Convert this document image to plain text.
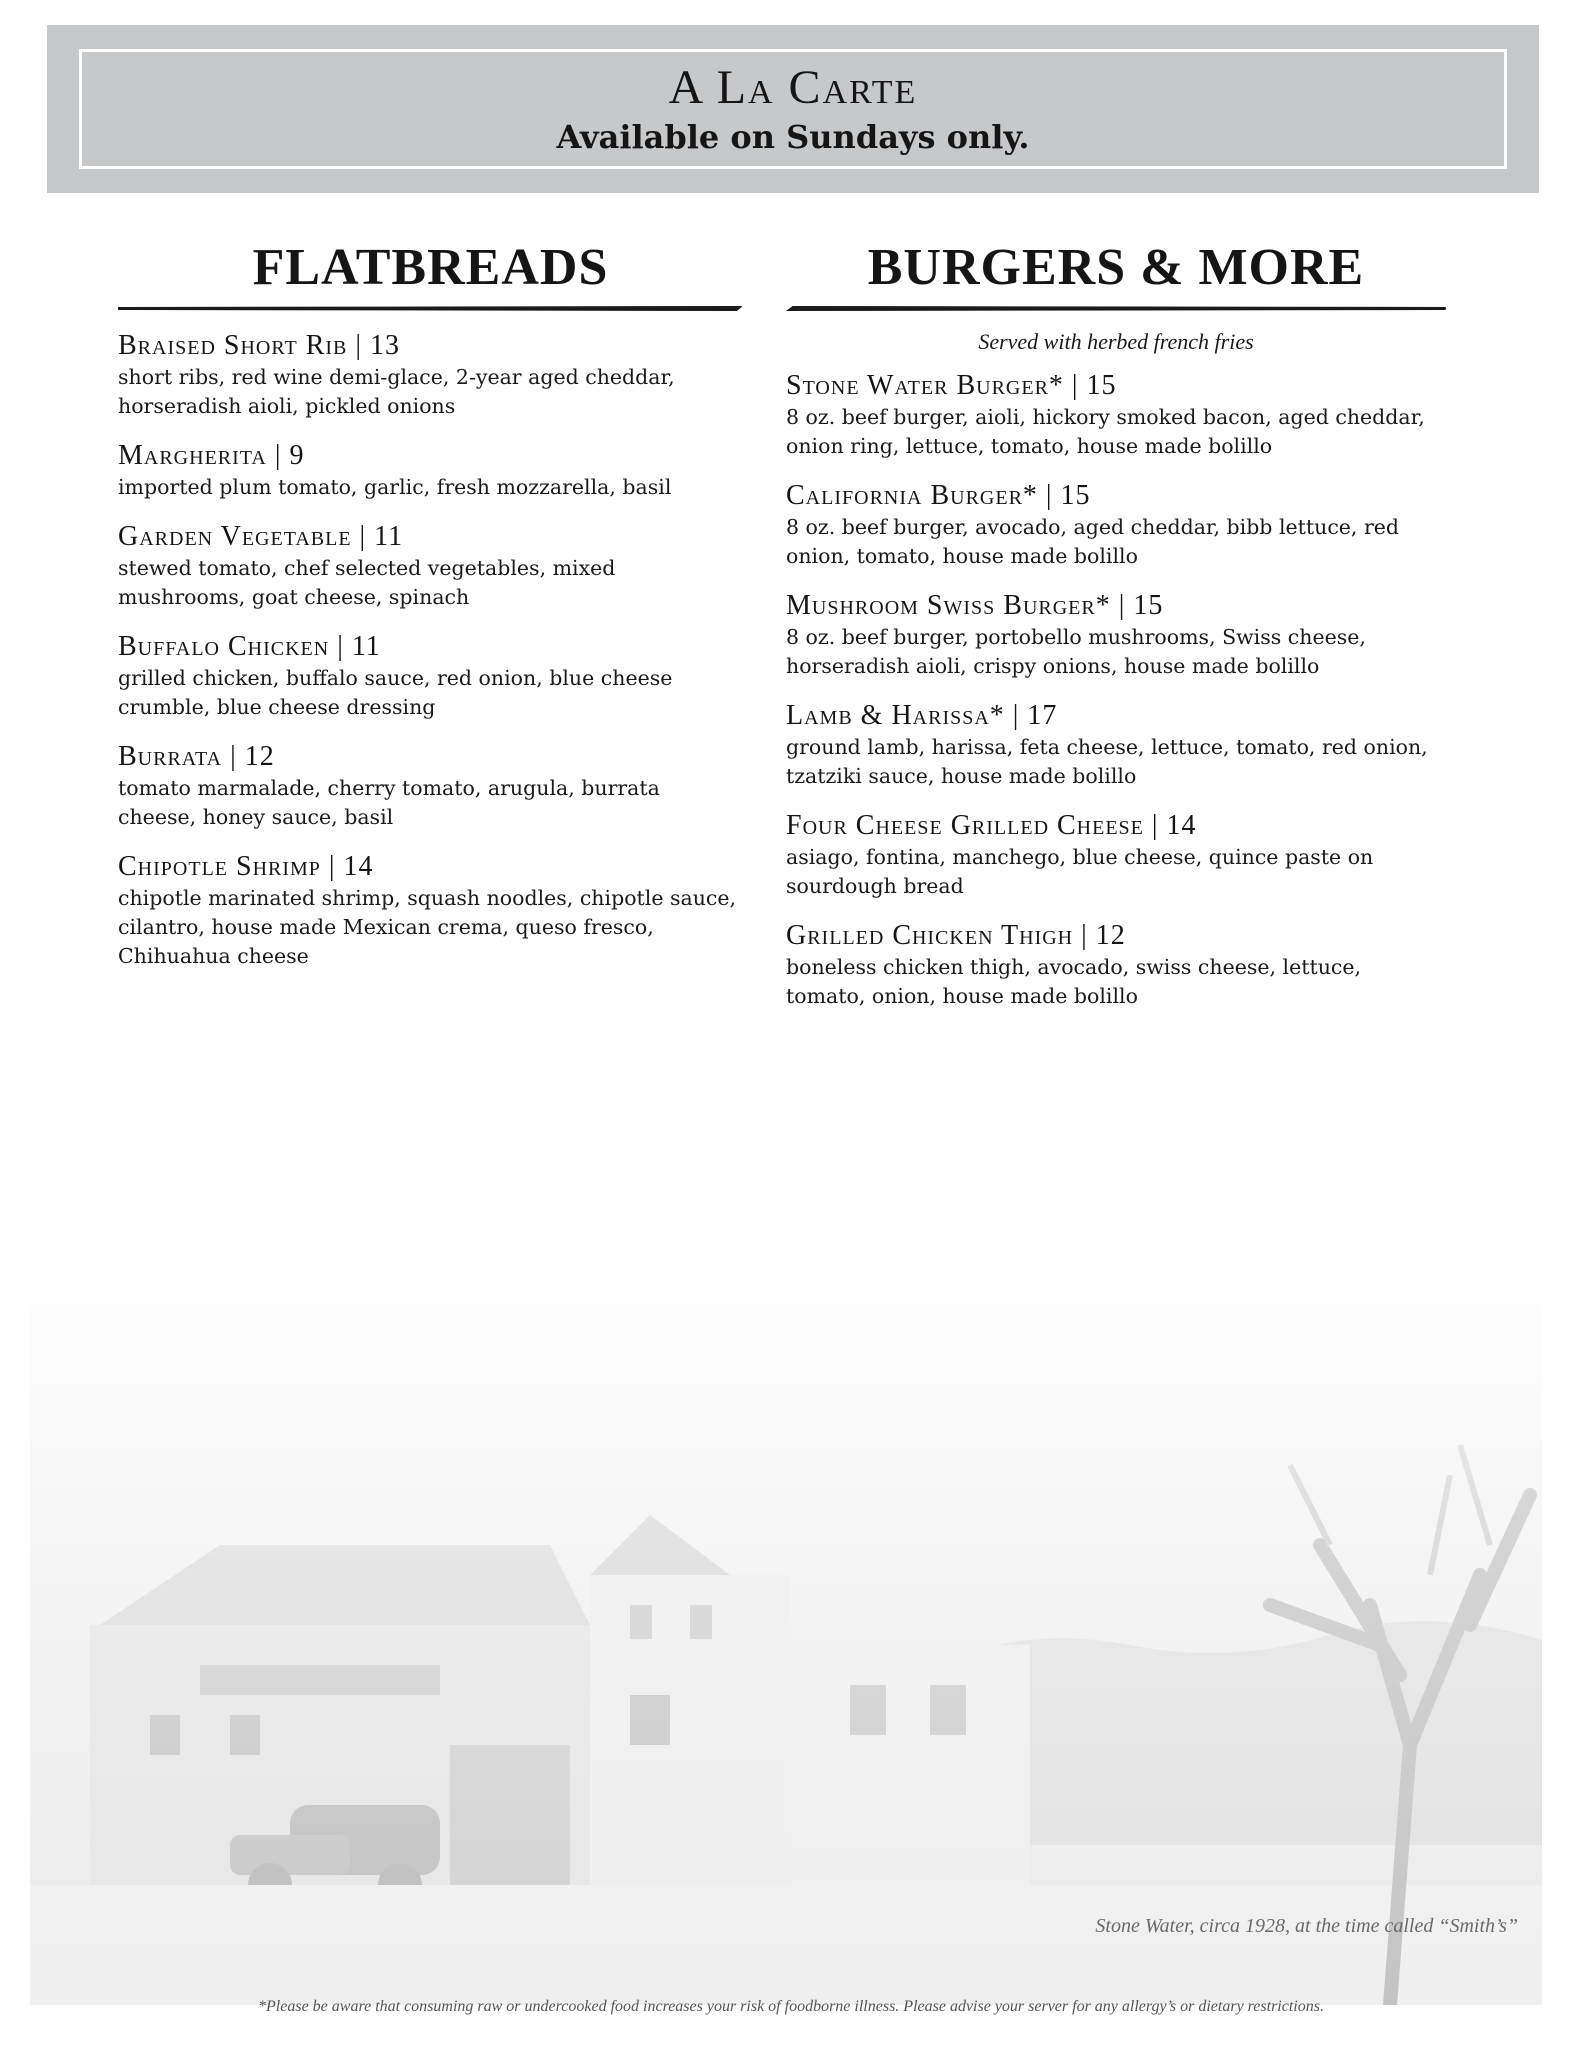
A La Carte
Available on Sundays only.
FLATBREADS
Braised Short Rib | 13
short ribs, red wine demi-glace, 2-year aged cheddar, horseradish aioli, pickled onions
Margherita | 9
imported plum tomato, garlic, fresh mozzarella, basil
Garden Vegetable | 11
stewed tomato, chef selected vegetables, mixed mushrooms, goat cheese, spinach
Buffalo Chicken | 11
grilled chicken, buffalo sauce, red onion, blue cheese crumble, blue cheese dressing
Burrata | 12
tomato marmalade, cherry tomato, arugula, burrata cheese, honey sauce, basil
Chipotle Shrimp | 14
chipotle marinated shrimp, squash noodles, chipotle sauce, cilantro, house made Mexican crema, queso fresco, Chihuahua cheese
BURGERS & MORE
Served with herbed french fries
Stone Water Burger* | 15
8 oz. beef burger, aioli, hickory smoked bacon, aged cheddar, onion ring, lettuce, tomato, house made bolillo
California Burger* | 15
8 oz. beef burger, avocado, aged cheddar, bibb lettuce, red onion, tomato, house made bolillo
Mushroom Swiss Burger* | 15
8 oz. beef burger, portobello mushrooms, Swiss cheese, horseradish aioli, crispy onions, house made bolillo
Lamb & Harissa* | 17
ground lamb, harissa, feta cheese, lettuce, tomato, red onion, tzatziki sauce, house made bolillo
Four Cheese Grilled Cheese | 14
asiago, fontina, manchego, blue cheese, quince paste on sourdough bread
Grilled Chicken Thigh | 12
boneless chicken thigh, avocado, swiss cheese, lettuce, tomato, onion, house made bolillo
Stone Water, circa 1928, at the time called “Smith’s”
*Please be aware that consuming raw or undercooked food increases your risk of foodborne illness. Please advise your server for any allergy’s or dietary restrictions.
